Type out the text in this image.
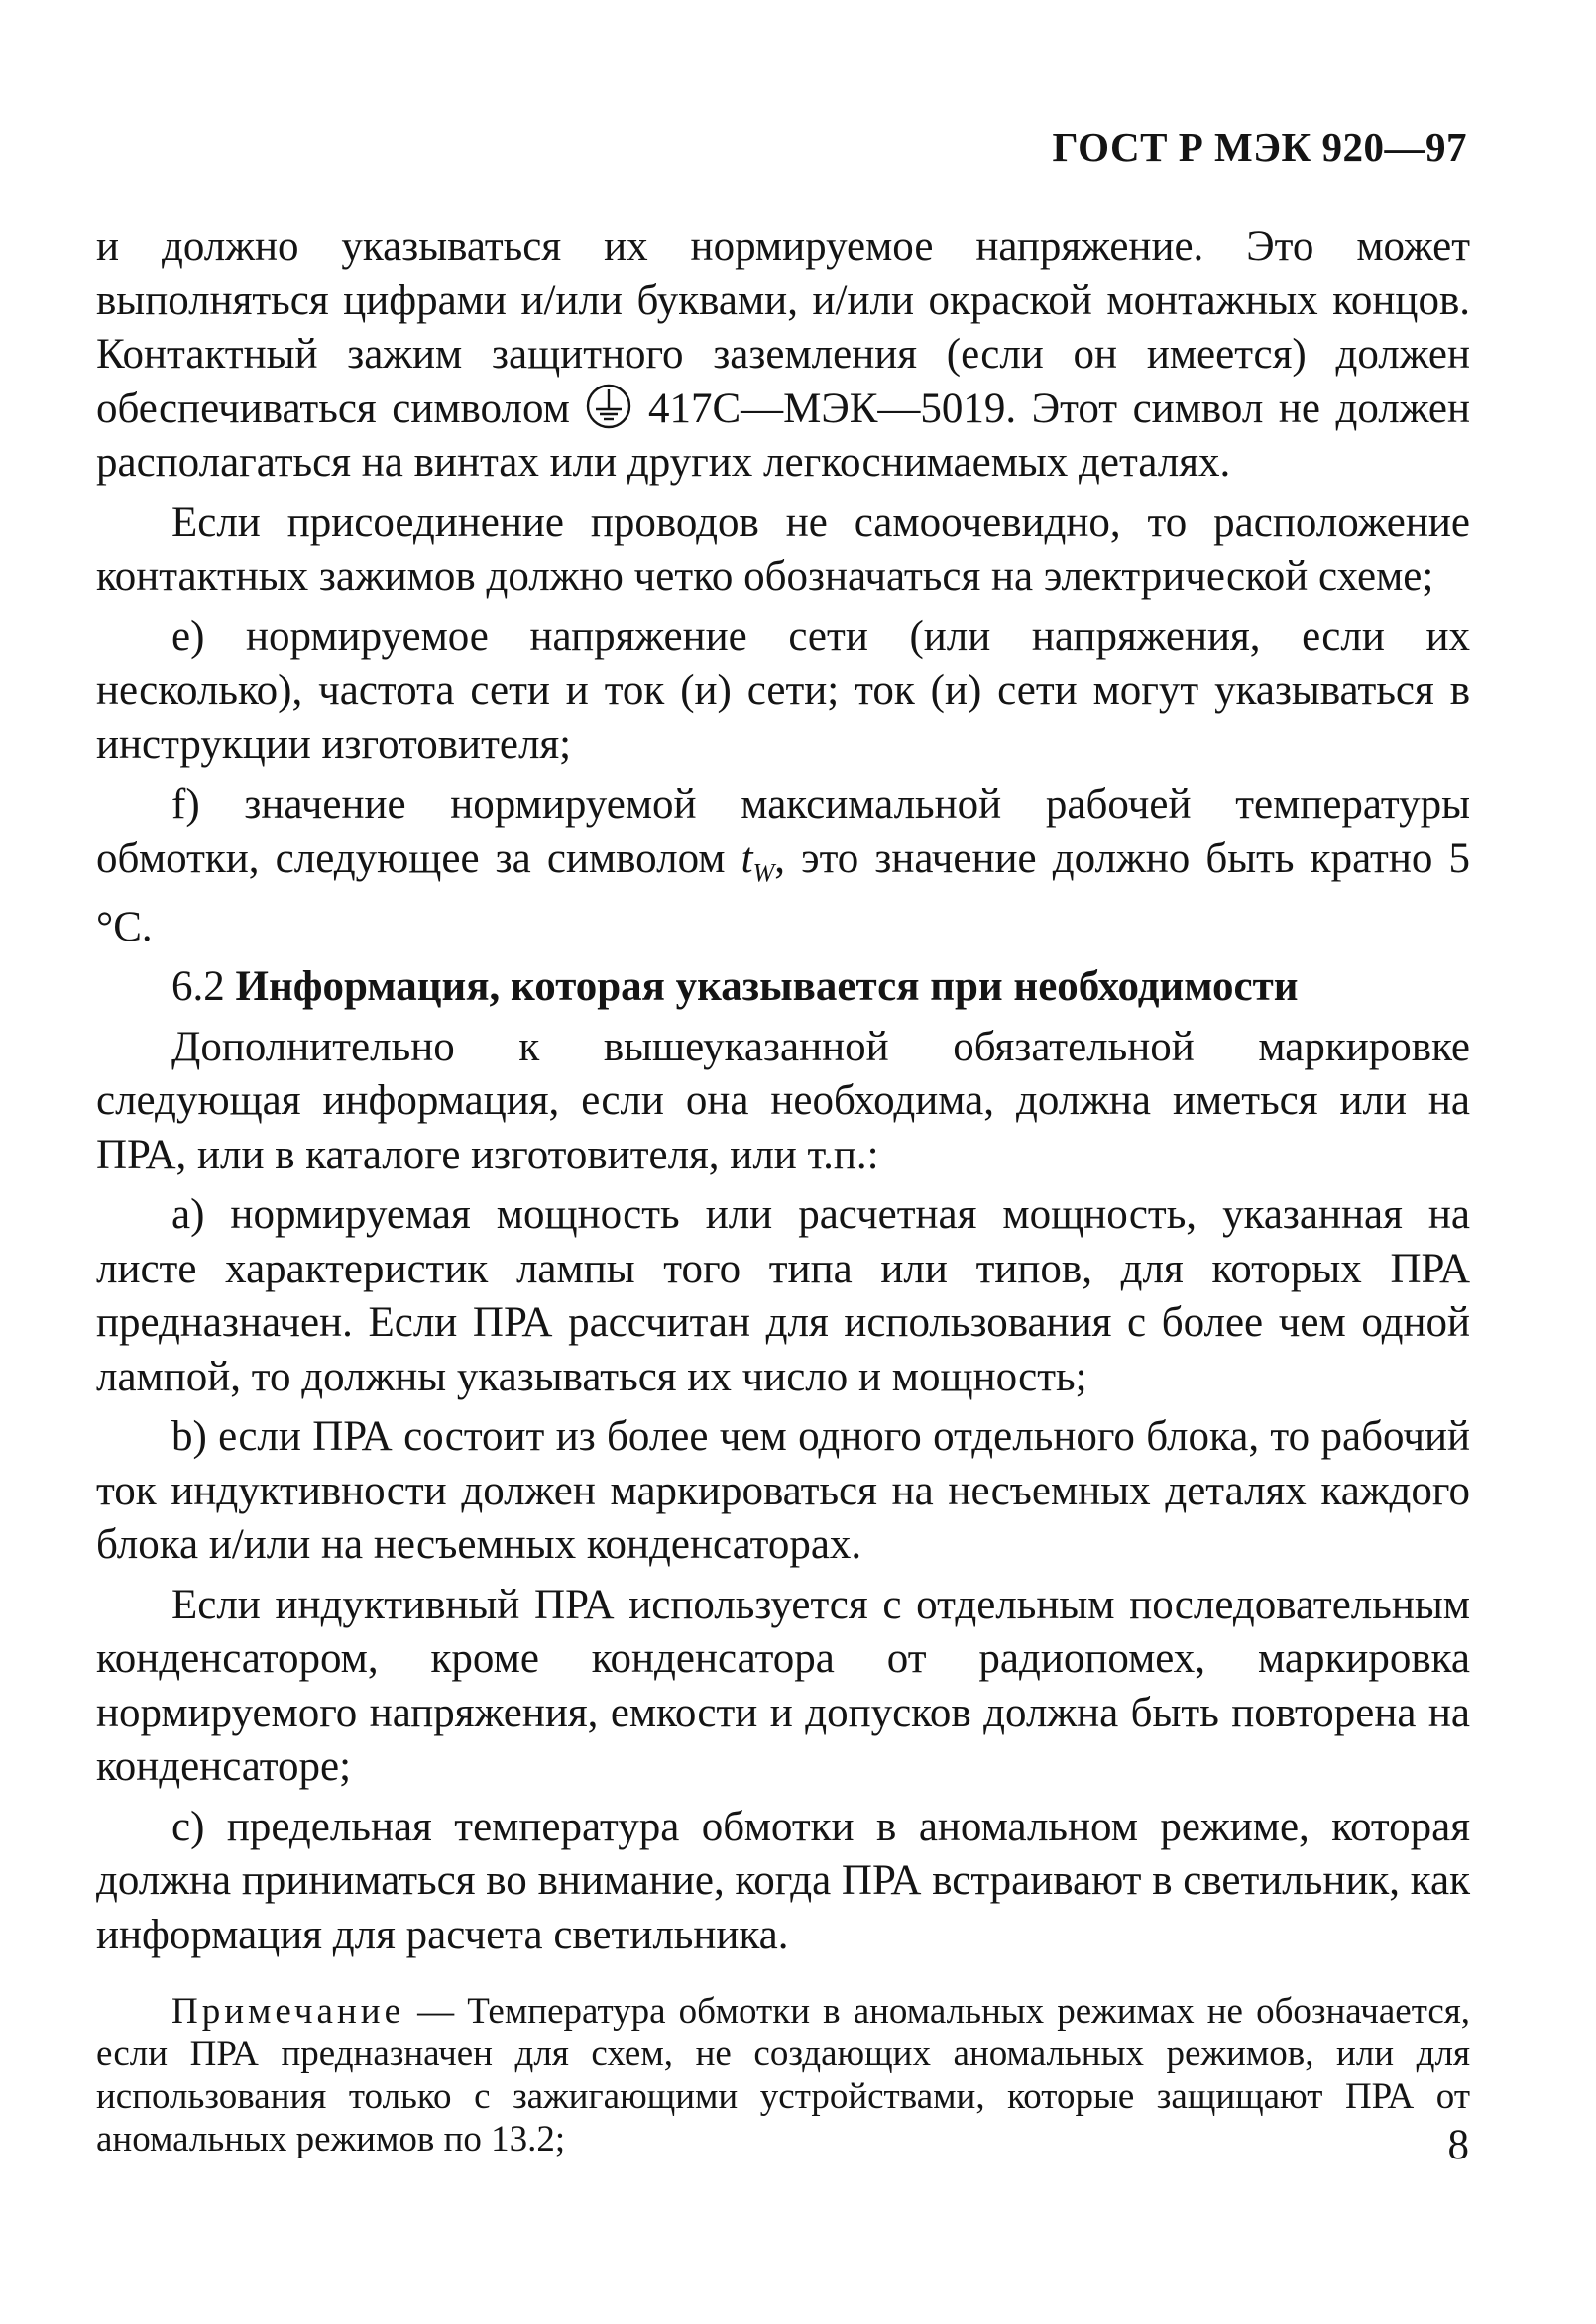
ГОСТ Р МЭК 920—97

и должно указываться их нормируемое напряжение. Это может выполняться цифрами и/или буквами, и/или окраской монтажных концов. Контактный зажим защитного заземления (если он имеется) должен обеспечиваться символом 417С—МЭК—5019. Этот символ не должен располагаться на винтах или других легкоснимаемых деталях.

Если присоединение проводов не самоочевидно, то расположение контактных зажимов должно четко обозначаться на электрической схеме;

е) нормируемое напряжение сети (или напряжения, если их несколько), частота сети и ток (и) сети; ток (и) сети могут указываться в инструкции изготовителя;

f) значение нормируемой максимальной рабочей температуры обмотки, следующее за символом $t_W$, это значение должно быть кратно 5 °С.

6.2 Информация, которая указывается при необходимости

Дополнительно к вышеуказанной обязательной маркировке следующая информация, если она необходима, должна иметься или на ПРА, или в каталоге изготовителя, или т.п.:

а) нормируемая мощность или расчетная мощность, указанная на листе характеристик лампы того типа или типов, для которых ПРА предназначен. Если ПРА рассчитан для использования с более чем одной лампой, то должны указываться их число и мощность;

b) если ПРА состоит из более чем одного отдельного блока, то рабочий ток индуктивности должен маркироваться на несъемных деталях каждого блока и/или на несъемных конденсаторах.

Если индуктивный ПРА используется с отдельным последовательным конденсатором, кроме конденсатора от радиопомех, маркировка нормируемого напряжения, емкости и допусков должна быть повторена на конденсаторе;

с) предельная температура обмотки в аномальном режиме, которая должна приниматься во внимание, когда ПРА встраивают в светильник, как информация для расчета светильника.

Примечание — Температура обмотки в аномальных режимах не обозначается, если ПРА предназначен для схем, не создающих аномальных режимов, или для использования только с зажигающими устройствами, которые защищают ПРА от аномальных режимов по 13.2;	8
